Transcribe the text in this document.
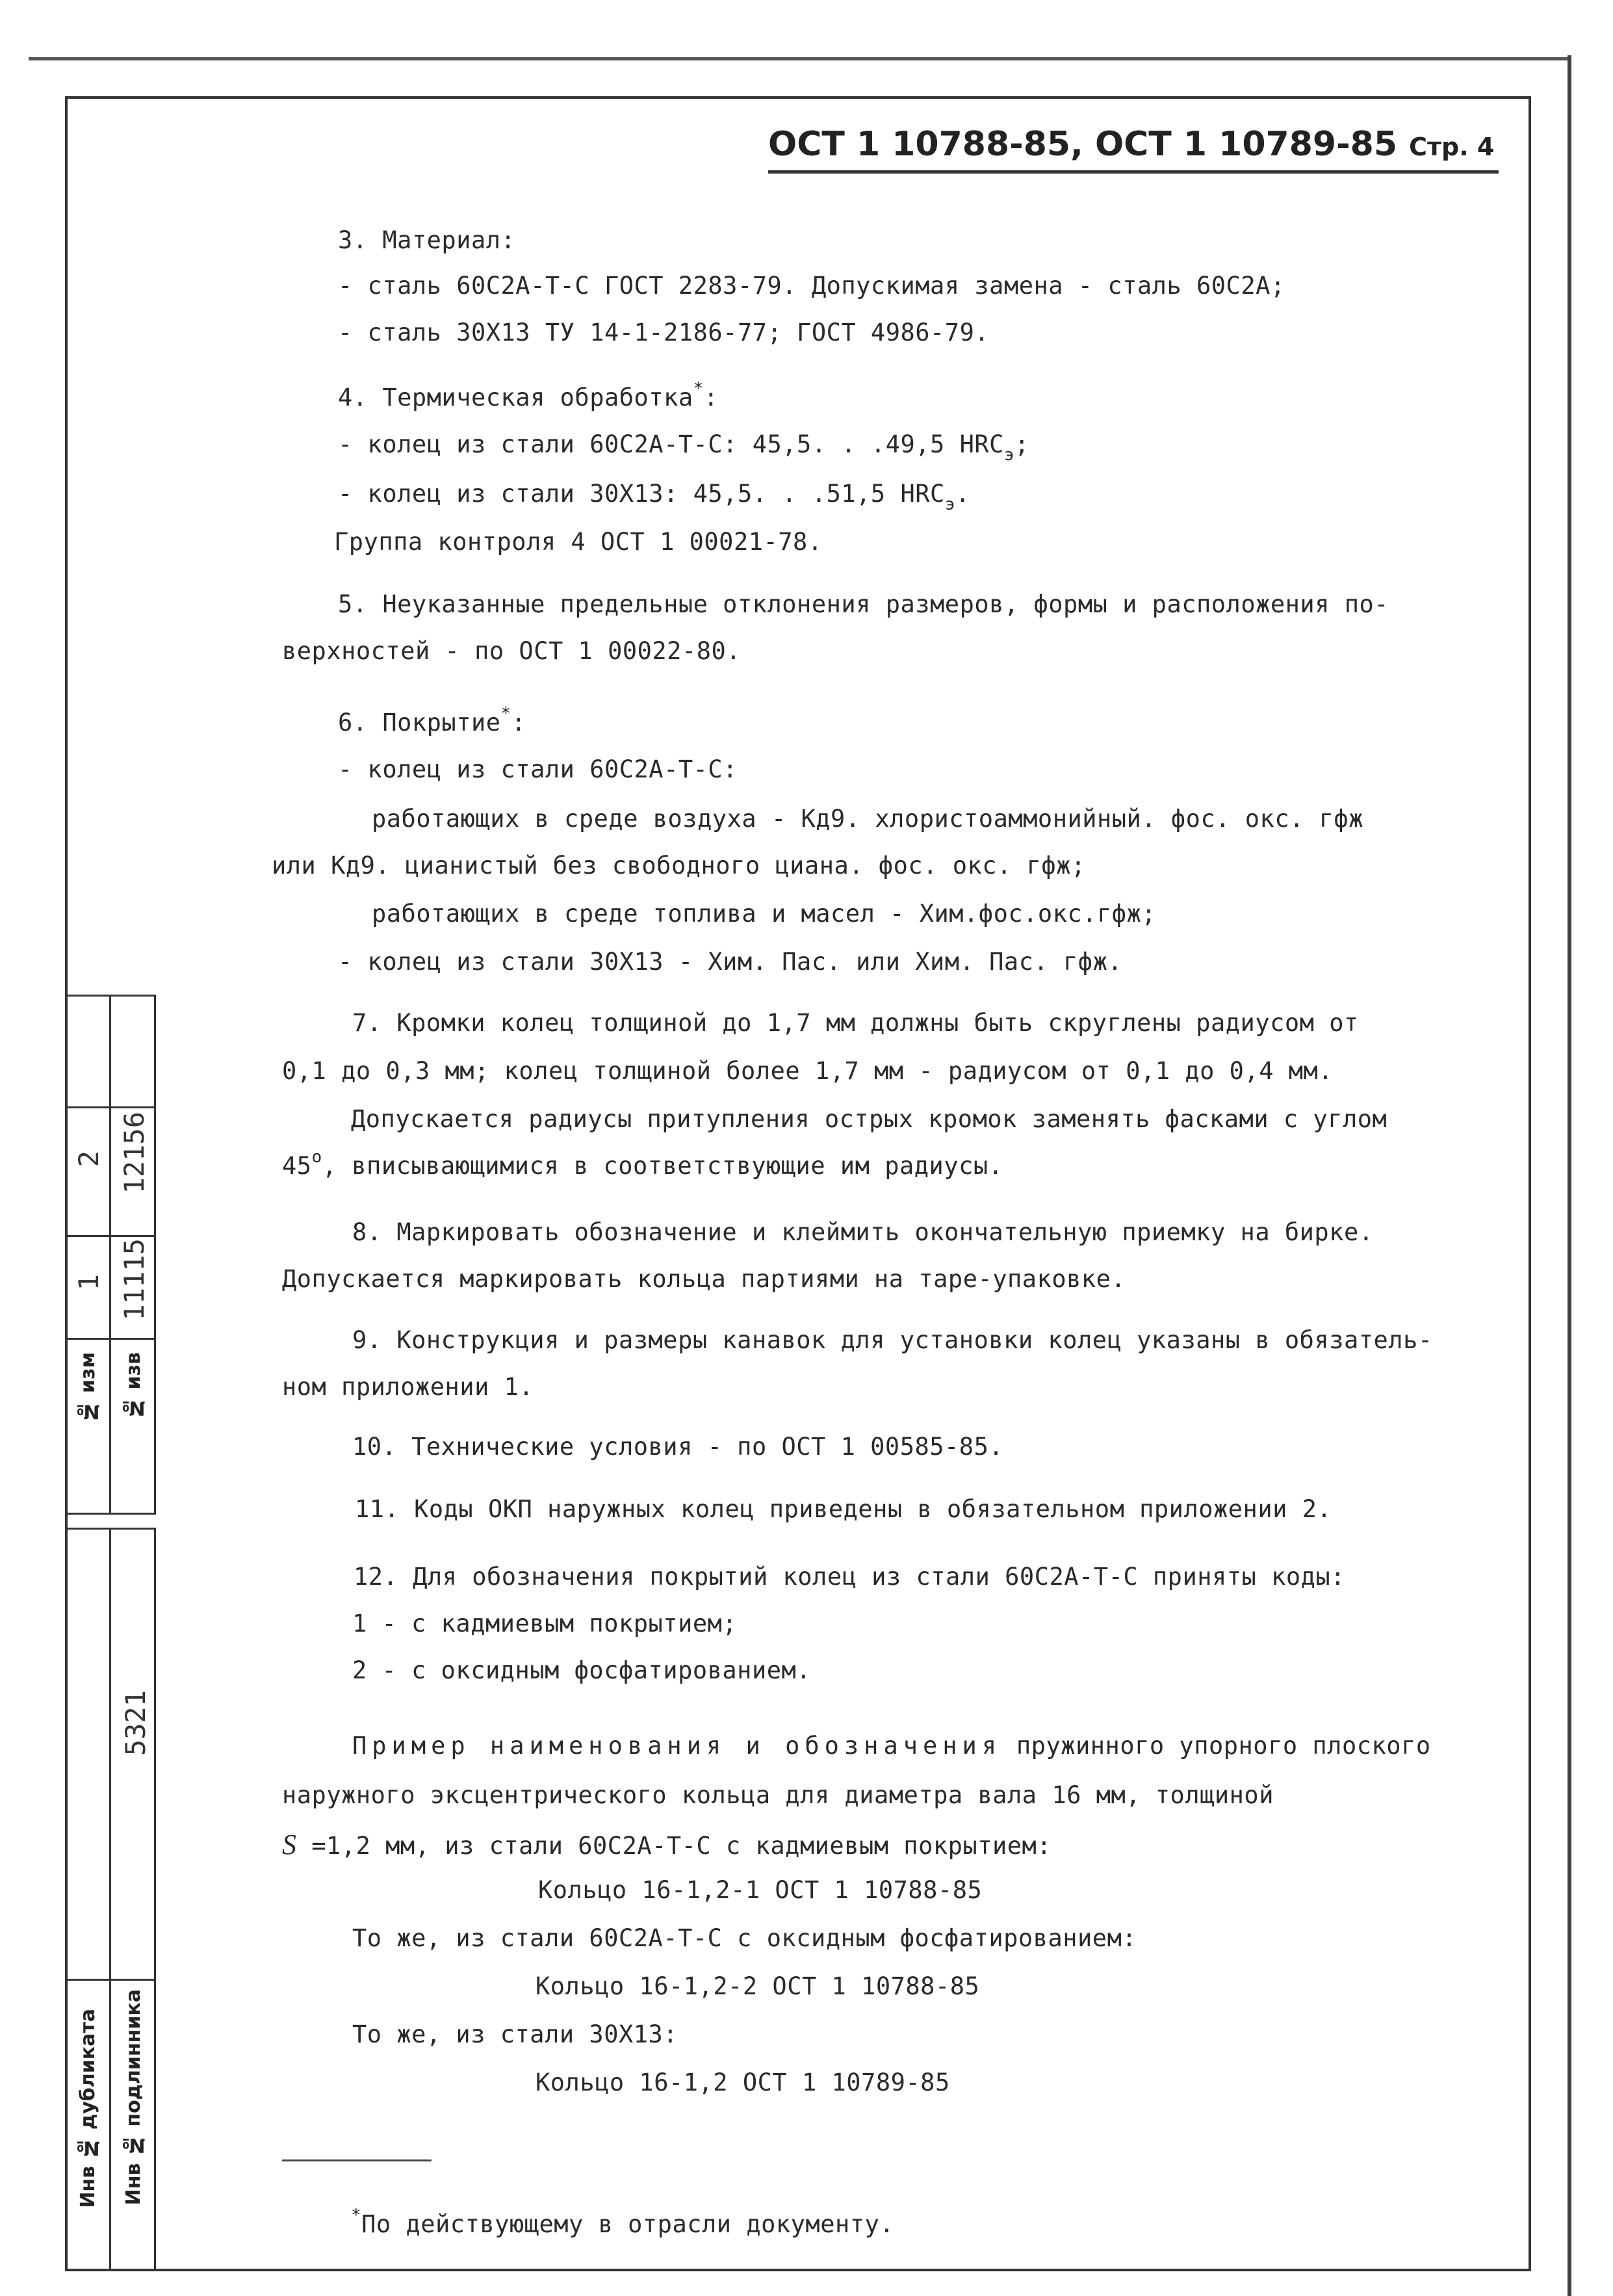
2 12156
1 11115
№ изм № изв
5321
Инв № дубликата Инв № подлинника
ОСТ 1 10788-85, ОСТ 1 10789-85 Стр. 4
3. Материал:
- сталь 60С2А-Т-С ГОСТ 2283-79. Допускимая замена - сталь 60С2А;
- сталь 30Х13 ТУ 14-1-2186-77; ГОСТ 4986-79.
4. Термическая обработка*:
- колец из стали 60С2А-Т-С: 45,5. . .49,5 $HRC_э$;
- колец из стали 30Х13: 45,5. . .51,5 $HRC_э$.
Группа контроля 4 ОСТ 1 00021-78.
5. Неуказанные предельные отклонения размеров, формы и расположения по-
верхностей - по ОСТ 1 00022-80.
6. Покрытие*:
- колец из стали 60С2А-Т-С:
работающих в среде воздуха - Кд9. хлористоаммонийный. фос. окс. гфж
или Кд9. цианистый без свободного циана. фос. окс. гфж;
работающих в среде топлива и масел - Хим.фос.окс.гфж;
- колец из стали 30Х13 - Хим. Пас. или Хим. Пас. гфж.
7. Кромки колец толщиной до 1,7 мм должны быть скруглены радиусом от
0,1 до 0,3 мм; колец толщиной более 1,7 мм - радиусом от 0,1 до 0,4 мм.
Допускается радиусы притупления острых кромок заменять фасками с углом
$45^о$, вписывающимися в соответствующие им радиусы.
8. Маркировать обозначение и клеймить окончательную приемку на бирке.
Допускается маркировать кольца партиями на таре-упаковке.
9. Конструкция и размеры канавок для установки колец указаны в обязатель-
ном приложении 1.
10. Технические условия - по ОСТ 1 00585-85.
11. Коды ОКП наружных колец приведены в обязательном приложении 2.
12. Для обозначения покрытий колец из стали 60С2А-Т-С приняты коды:
1 - с кадмиевым покрытием;
2 - с оксидным фосфатированием.
Пример наименования и обозначения пружинного упорного плоского
наружного эксцентрического кольца для диаметра вала 16 мм, толщиной
S =1,2 мм, из стали 60С2А-Т-С с кадмиевым покрытием:
Кольцо 16-1,2-1 ОСТ 1 10788-85
То же, из стали 60С2А-Т-С с оксидным фосфатированием:
Кольцо 16-1,2-2 ОСТ 1 10788-85
То же, из стали 30Х13:
Кольцо 16-1,2 ОСТ 1 10789-85
*По действующему в отрасли документу.
